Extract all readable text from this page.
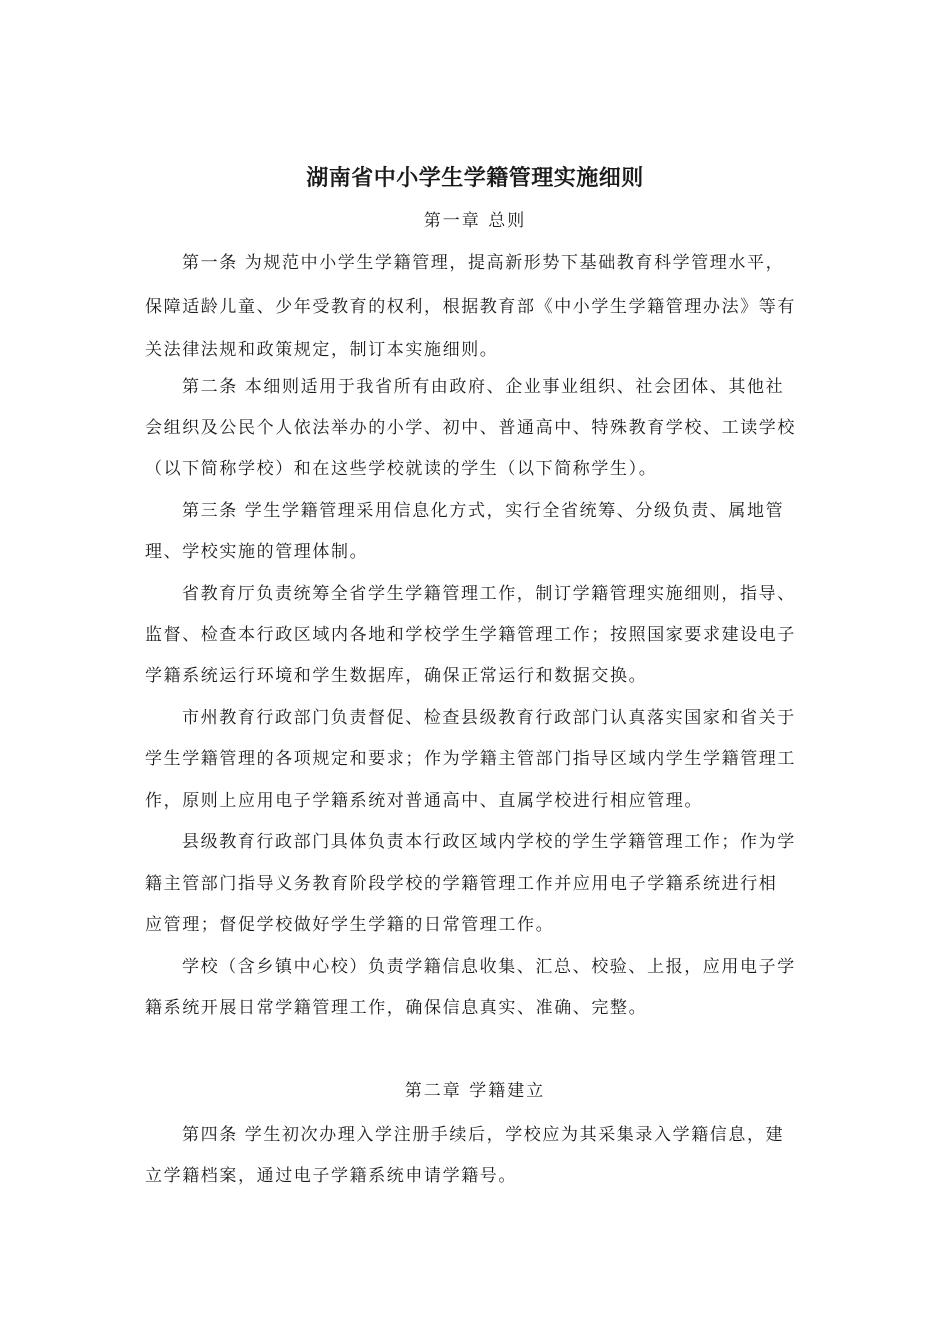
湖南省中小学生学籍管理实施细则
第一章 总则
第一条 为规范中小学生学籍管理，提高新形势下基础教育科学管理水平，
保障适龄儿童、少年受教育的权利，根据教育部《中小学生学籍管理办法》等有
关法律法规和政策规定，制订本实施细则。
第二条 本细则适用于我省所有由政府、企业事业组织、社会团体、其他社
会组织及公民个人依法举办的小学、初中、普通高中、特殊教育学校、工读学校
（以下简称学校）和在这些学校就读的学生（以下简称学生）。
第三条 学生学籍管理采用信息化方式，实行全省统筹、分级负责、属地管
理、学校实施的管理体制。
省教育厅负责统筹全省学生学籍管理工作，制订学籍管理实施细则，指导、
监督、检查本行政区域内各地和学校学生学籍管理工作；按照国家要求建设电子
学籍系统运行环境和学生数据库，确保正常运行和数据交换。
市州教育行政部门负责督促、检查县级教育行政部门认真落实国家和省关于
学生学籍管理的各项规定和要求；作为学籍主管部门指导区域内学生学籍管理工
作，原则上应用电子学籍系统对普通高中、直属学校进行相应管理。
县级教育行政部门具体负责本行政区域内学校的学生学籍管理工作；作为学
籍主管部门指导义务教育阶段学校的学籍管理工作并应用电子学籍系统进行相
应管理；督促学校做好学生学籍的日常管理工作。
学校（含乡镇中心校）负责学籍信息收集、汇总、校验、上报，应用电子学
籍系统开展日常学籍管理工作，确保信息真实、准确、完整。
第二章 学籍建立
第四条 学生初次办理入学注册手续后，学校应为其采集录入学籍信息，建
立学籍档案，通过电子学籍系统申请学籍号。
